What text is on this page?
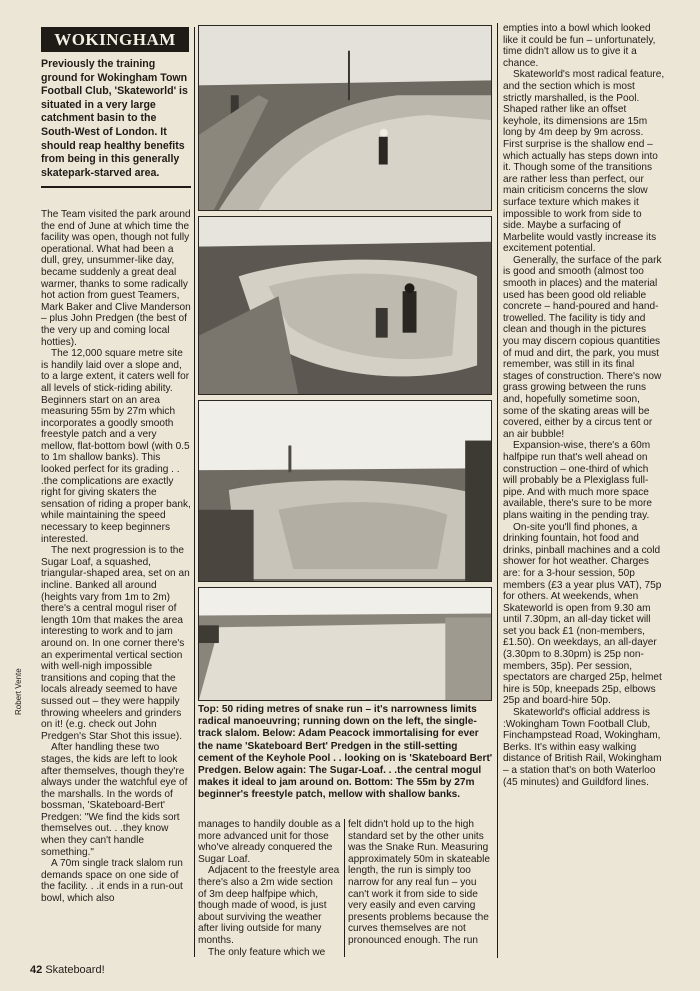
WOKINGHAM

Previously the training ground for Wokingham Town Football Club, 'Skateworld' is situated in a very large catchment basin to the South-West of London. It should reap healthy benefits from being in this generally skatepark-starved area.

The Team visited the park around the end of June at which time the facility was open, though not fully operational. What had been a dull, grey, unsummer-like day, became suddenly a great deal warmer, thanks to some radically hot action from guest Teamers, Mark Baker and Clive Manderson – plus John Predgen (the best of the very up and coming local hotties).

The 12,000 square metre site is handily laid over a slope and, to a large extent, it caters well for all levels of stick-riding ability. Beginners start on an area measuring 55m by 27m which incorporates a goodly smooth freestyle patch and a very mellow, flat-bottom bowl (with 0.5 to 1m shallow banks). This looked perfect for its grading . . .the complications are exactly right for giving skaters the sensation of riding a proper bank, while maintaining the speed necessary to keep beginners interested.

The next progression is to the Sugar Loaf, a squashed, triangular-shaped area, set on an incline. Banked all around (heights vary from 1m to 2m) there's a central mogul riser of length 10m that makes the area interesting to work and to jam around on. In one corner there's an experimental vertical section with well-nigh impossible transitions and coping that the locals already seemed to have sussed out – they were happily throwing wheelers and grinders on it! (e.g. check out John Predgen's Star Shot this issue).

After handling these two stages, the kids are left to look after themselves, though they're always under the watchful eye of the marshalls. In the words of bossman, 'Skateboard-Bert' Predgen: "We find the kids sort themselves out. . .they know when they can't handle something."

A 70m single track slalom run demands space on one side of the facility. . .it ends in a run-out bowl, which also

Top: 50 riding metres of snake run – it's narrowness limits radical manoeuvring; running down on the left, the single-track slalom. Below: Adam Peacock immortalising for ever the name 'Skateboard Bert' Predgen in the still-setting cement of the Keyhole Pool . . looking on is 'Skateboard Bert' Predgen. Below again: The Sugar-Loaf. . .the central mogul makes it ideal to jam around on. Bottom: The 55m by 27m beginner's freestyle patch, mellow with shallow banks.

Robert Vente

manages to handily double as a more advanced unit for those who've already conquered the Sugar Loaf.

Adjacent to the freestyle area there's also a 2m wide section of 3m deep halfpipe which, though made of wood, is just about surviving the weather after living outside for many months.

The only feature which we

felt didn't hold up to the high standard set by the other units was the Snake Run. Measuring approximately 50m in skateable length, the run is simply too narrow for any real fun – you can't work it from side to side very easily and even carving presents problems because the curves themselves are not pronounced enough. The run

empties into a bowl which looked like it could be fun – unfortunately, time didn't allow us to give it a chance.

Skateworld's most radical feature, and the section which is most strictly marshalled, is the Pool. Shaped rather like an offset keyhole, its dimensions are 15m long by 4m deep by 9m across. First surprise is the shallow end – which actually has steps down into it. Though some of the transitions are rather less than perfect, our main criticism concerns the slow surface texture which makes it impossible to work from side to side. Maybe a surfacing of Marbelite would vastly increase its excitement potential.

Generally, the surface of the park is good and smooth (almost too smooth in places) and the material used has been good old reliable concrete – hand-poured and hand-trowelled. The facility is tidy and clean and though in the pictures you may discern copious quantities of mud and dirt, the park, you must remember, was still in its final stages of construction. There's now grass growing between the runs and, hopefully sometime soon, some of the skating areas will be covered, either by a circus tent or an air bubble!

Expansion-wise, there's a 60m halfpipe run that's well ahead on construction – one-third of which will probably be a Plexiglass full-pipe. And with much more space available, there's sure to be more plans waiting in the pending tray.

On-site you'll find phones, a drinking fountain, hot food and drinks, pinball machines and a cold shower for hot weather. Charges are: for a 3-hour session, 50p members (£3 a year plus VAT), 75p for others. At weekends, when Skateworld is open from 9.30 am until 7.30pm, an all-day ticket will set you back £1 (non-members, £1.50). On weekdays, an all-dayer (3.30pm to 8.30pm) is 25p non-members, 35p). Per session, spectators are charged 25p, helmet hire is 50p, kneepads 25p, elbows 25p and board-hire 50p.

Skateworld's official address is :Wokingham Town Football Club, Finchampstead Road, Wokingham, Berks. It's within easy walking distance of British Rail, Wokingham – a station that's on both Waterloo (45 minutes) and Guildford lines.

42 Skateboard!
